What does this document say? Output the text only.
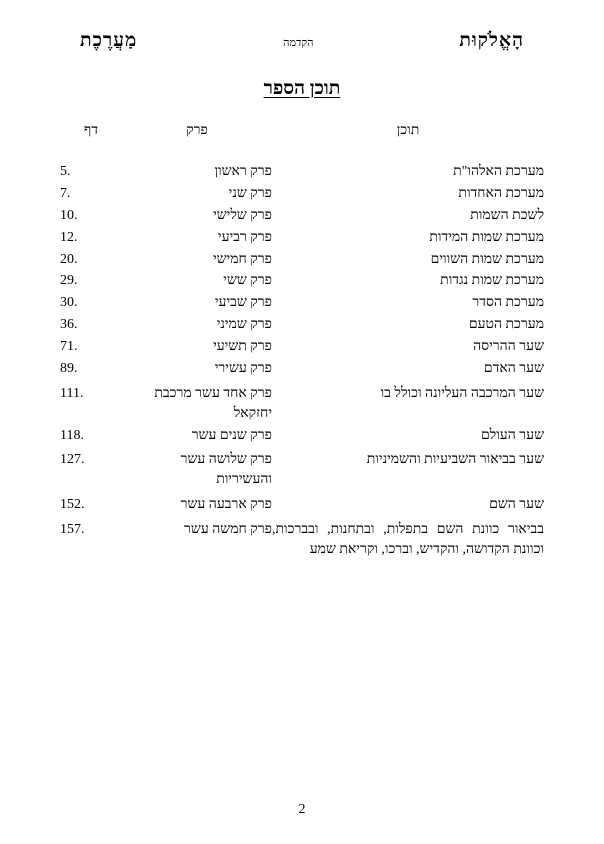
מַעֲרֶכֶת	הקדמה	הָאֱלֹקוּת
תוכן הספר
תוכן	פרק	דף
מערכת האלהו"ת	פרק ראשון	.5
מערכת האחדות	פרק שני	.7
לשכת השמות	פרק שלישי	.10
מערכת שמות המידות	פרק רביעי	.12
מערכת שמות השווים	פרק חמישי	.20
מערכת שמות נגדות	פרק ששי	.29
מערכת הסדר	פרק שביעי	.30
מערכת הטעם	פרק שמיני	.36
שער ההריסה	פרק תשיעי	.71
שער האדם	פרק עשירי	.89
שער המרכבה העליונה וכולל בו	פרק אחד עשר מרכבת יחזקאל	.111
שער העולם	פרק שנים עשר	.118
שער בביאור השביעיות והשמיניות	פרק שלושה עשר והעשיריות	.127
שער השם	פרק ארבעה עשר	.152
בביאור כוונת השם בתפלות, ובתחנות, ובברכות, וכוונת הקדושה, והקדיש, וברכו, וקריאת שמע	פרק חמשה עשר	.157
2
